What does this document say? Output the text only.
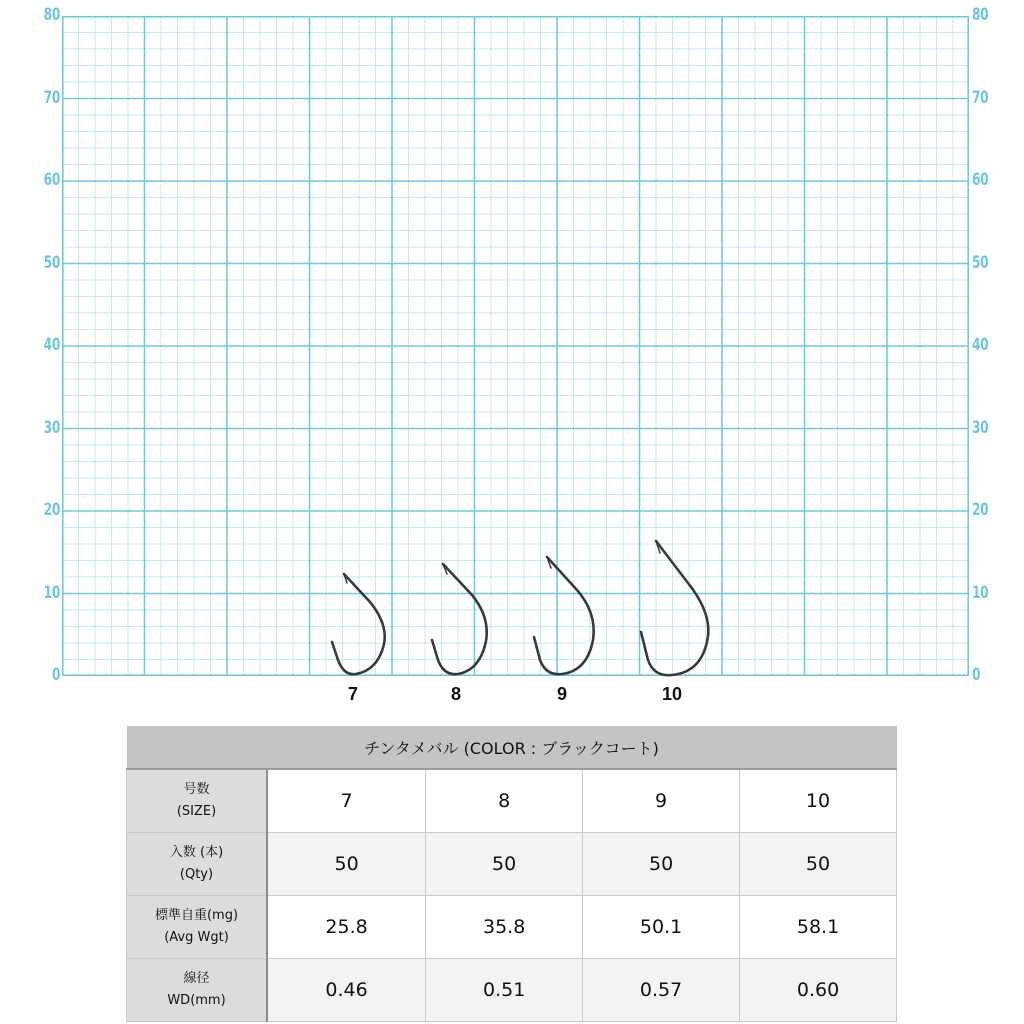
80
70
60
50
40
30
20
10
0
80
70
60
50
40
30
20
10
0
7	8	9	10
チンタメバル (COLOR : ブラックコート)				
号数
(SIZE)	7	8	9	10
入数 (本)
(Qty)	50	50	50	50
標準自重(mg)
(Avg Wgt)	25.8	35.8	50.1	58.1
線径
WD(mm)	0.46	0.51	0.57	0.60
